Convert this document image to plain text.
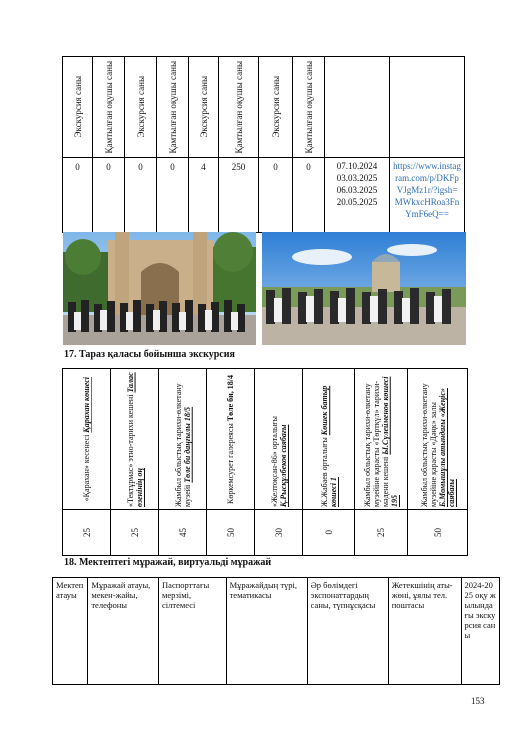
Экскурсия саны	Қамтылған оқушы саны	Экскурсия саны	Қамтылған оқушы саны	Экскурсия саны	Қамтылған оқушы саны	Экскурсия саны	Қамтылған оқушы саны		

0	0	0	0	4	250	0	0	07.10.2024
03.03.2025
06.03.2025
20.05.2025	https://www.instagram.com/p/DKFpVJgMz1r/?igsh=MWkxcHRoa3FnYmF6eQ==
17. Тараз қаласы бойынша экскурсия
«Қарахан» кесенесі Қарахан көшесі	«Тектұрмас» этно-тарихи кешені Талас өзенінің оң	Жамбыл облыстық тарихи-өлкетану музейі Төле би даңғылы 18/5	Көркемсурет галереясы Төле би, 18/4	«Желтоқсан-86» орталығы Қ.Рысқұлбеков саябағы	Ж.Жабаев орталығы Көшек батыр көшесі 1	Жамбыл облыстық тарихи-өлкетану музейіне қарасты «Төртқүл» тарихи-мәдени кешені Ы.Сүлейменов көшесі 195	Жамбыл облыстық тарихи-өлкетану музейіне қарасты «Дәңк» залы Б.Момышұлы атындағы «Жеңіс» саябағы

25	25	45	50	30	0	25	50
18. Мектептегі мұражай, виртуальді мұражай
Мектеп атауы	Мұражай атауы, мекен-жайы, телефоны	Паспорттағы мерзімі, сілтемесі	Мұражайдың түрі, тематикасы	Әр бөлімдегі экспонаттардың саны, түпнұсқасы	Жетекшінің аты-жөні, ұялы тел. поштасы	2024-2025 оқу жылында ғы экскурсия саны
153
